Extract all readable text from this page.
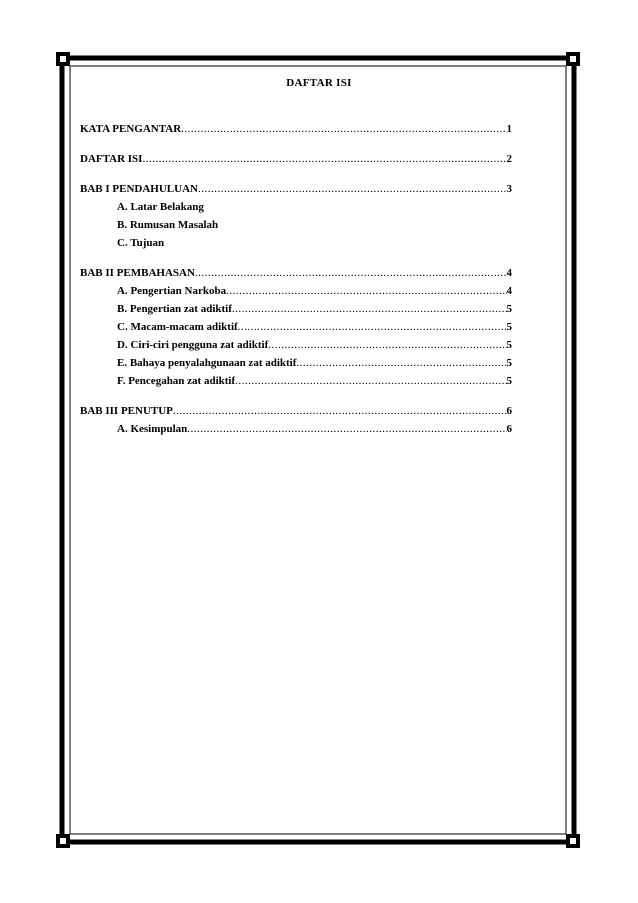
DAFTAR ISI
KATA PENGANTAR .....	1
DAFTAR ISI .....	2
BAB I PENDAHULUAN .....	3
A. Latar Belakang
B. Rumusan Masalah
C. Tujuan
BAB II PEMBAHASAN .....	4
A. Pengertian Narkoba .....	4
B. Pengertian zat adiktif .....	5
C. Macam-macam adiktif .....	5
D. Ciri-ciri pengguna zat adiktif .....	5
E. Bahaya penyalahgunaan zat adiktif .....	5
F. Pencegahan zat adiktif .....	5
BAB III PENUTUP .....	6
A. Kesimpulan .....	6
